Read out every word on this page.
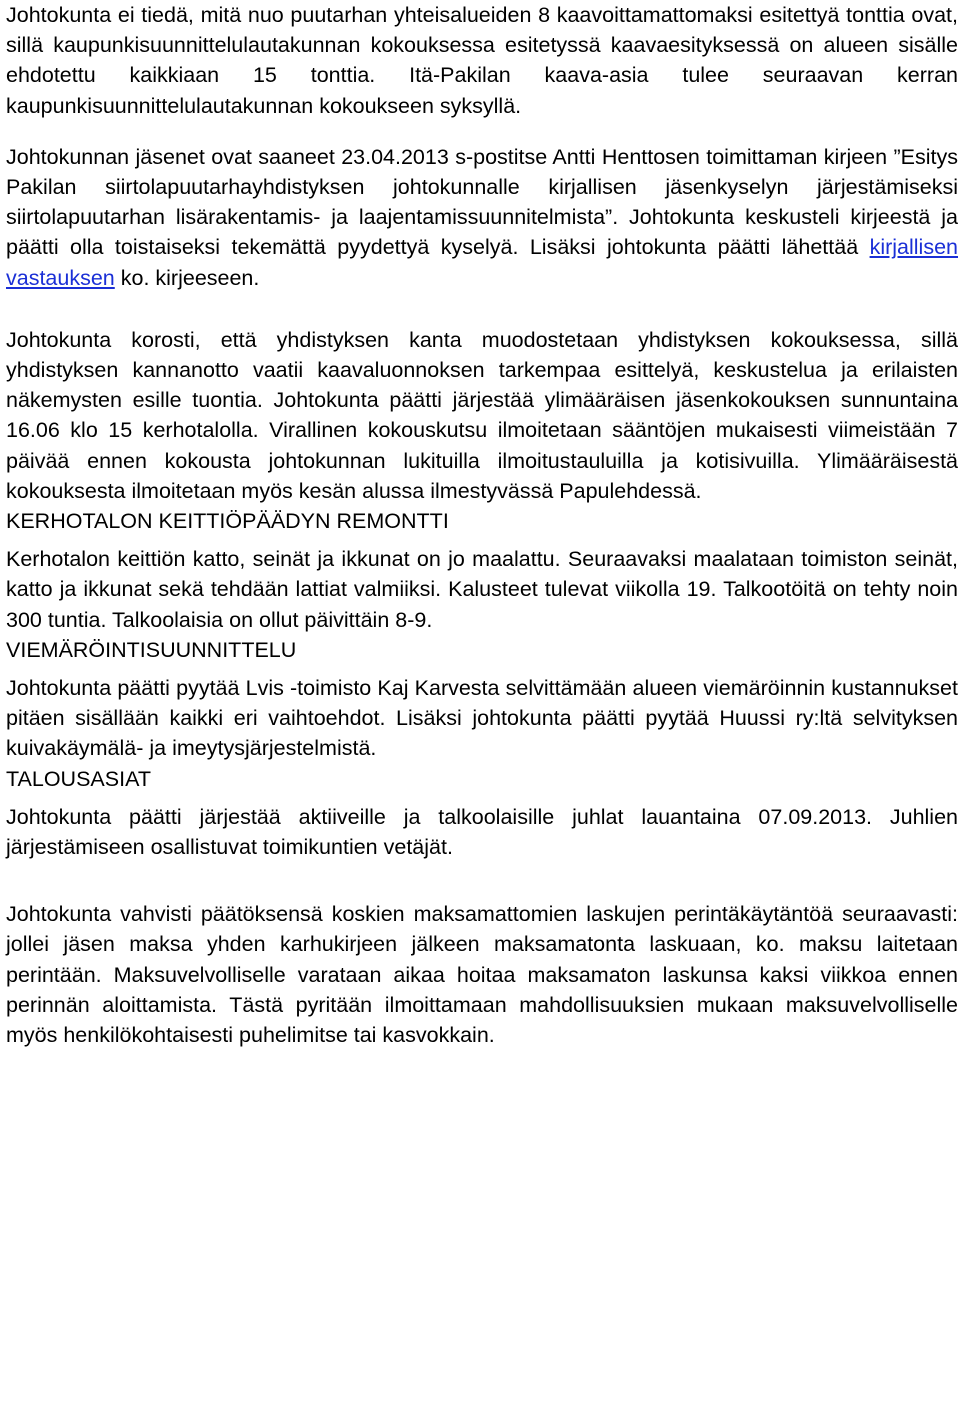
Johtokunta ei tiedä, mitä nuo puutarhan yhteisalueiden 8 kaavoittamattomaksi esitettyä tonttia ovat, sillä kaupunkisuunnittelulautakunnan kokouksessa esitetyssä kaavaesityksessä on alueen sisälle ehdotettu kaikkiaan 15 tonttia. Itä-Pakilan kaava-asia tulee seuraavan kerran kaupunkisuunnittelulautakunnan kokoukseen syksyllä.

Johtokunnan jäsenet ovat saaneet 23.04.2013 s-postitse Antti Henttosen toimittaman kirjeen ”Esitys Pakilan siirtolapuutarhayhdistyksen johtokunnalle kirjallisen jäsenkyselyn järjestämiseksi siirtolapuutarhan lisärakentamis- ja laajentamissuunnitelmista”. Johtokunta keskusteli kirjeestä ja päätti olla toistaiseksi tekemättä pyydettyä kyselyä. Lisäksi johtokunta päätti lähettää kirjallisen vastauksen ko. kirjeeseen.

Johtokunta korosti, että yhdistyksen kanta muodostetaan yhdistyksen kokouksessa, sillä yhdistyksen kannanotto vaatii kaavaluonnoksen tarkempaa esittelyä, keskustelua ja erilaisten näkemysten esille tuontia. Johtokunta päätti järjestää ylimääräisen jäsenkokouksen sunnuntaina 16.06 klo 15 kerhotalolla. Virallinen kokouskutsu ilmoitetaan sääntöjen mukaisesti viimeistään 7 päivää ennen kokousta johtokunnan lukituilla ilmoitustauluilla ja kotisivuilla. Ylimääräisestä kokouksesta ilmoitetaan myös kesän alussa ilmestyvässä Papulehdessä.

KERHOTALON KEITTIÖPÄÄDYN REMONTTI

Kerhotalon keittiön katto, seinät ja ikkunat on jo maalattu. Seuraavaksi maalataan toimiston seinät, katto ja ikkunat sekä tehdään lattiat valmiiksi. Kalusteet tulevat viikolla 19. Talkootöitä on tehty noin 300 tuntia. Talkoolaisia on ollut päivittäin 8-9.

VIEMÄRÖINTISUUNNITTELU

Johtokunta päätti pyytää Lvis -toimisto Kaj Karvesta selvittämään alueen viemäröinnin kustannukset pitäen sisällään kaikki eri vaihtoehdot. Lisäksi johtokunta päätti pyytää Huussi ry:ltä selvityksen kuivakäymälä- ja imeytysjärjestelmistä.

TALOUSASIAT

Johtokunta päätti järjestää aktiiveille ja talkoolaisille juhlat lauantaina 07.09.2013. Juhlien järjestämiseen osallistuvat toimikuntien vetäjät.

Johtokunta vahvisti päätöksensä koskien maksamattomien laskujen perintäkäytäntöä seuraavasti: jollei jäsen maksa yhden karhukirjeen jälkeen maksamatonta laskuaan, ko. maksu laitetaan perintään. Maksuvelvolliselle varataan aikaa hoitaa maksamaton laskunsa kaksi viikkoa ennen perinnän aloittamista. Tästä pyritään ilmoittamaan mahdollisuuksien mukaan maksuvelvolliselle myös henkilökohtaisesti puhelimitse tai kasvokkain.
